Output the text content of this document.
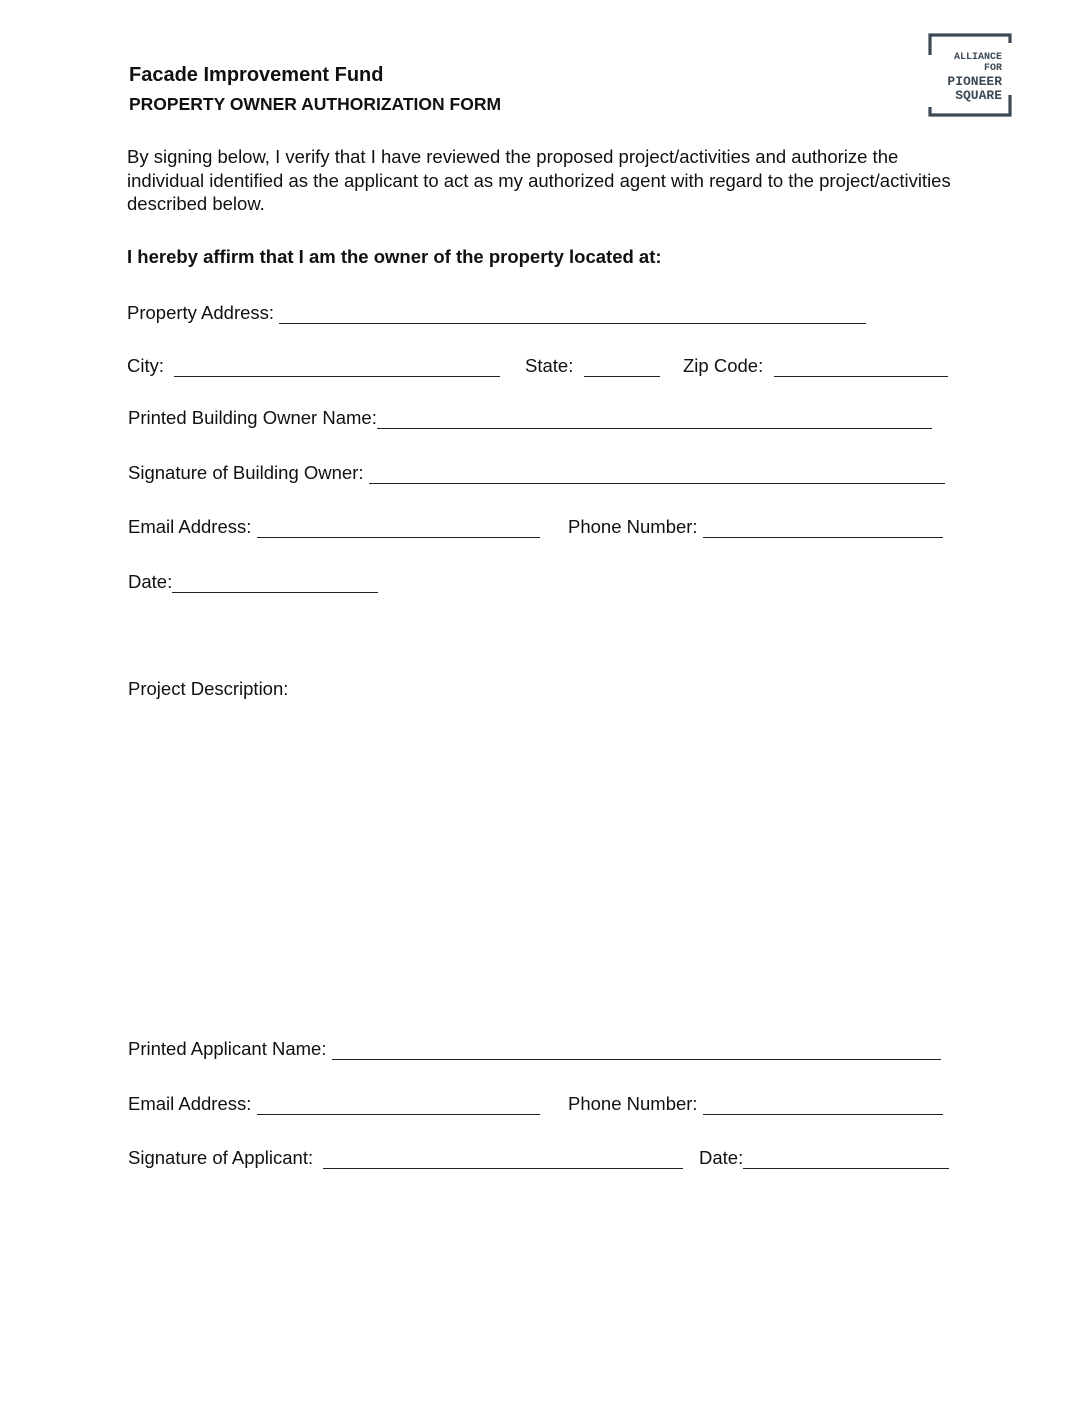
Facade Improvement Fund
PROPERTY OWNER AUTHORIZATION FORM
ALLIANCE
FOR
PIONEER
SQUARE
By signing below, I verify that I have reviewed the proposed project/activities and authorize the individual identified as the applicant to act as my authorized agent with regard to the project/activities described below.
I hereby affirm that I am the owner of the property located at:
Property Address:
City:	State:	Zip Code:
Printed Building Owner Name:
Signature of Building Owner:
Email Address:	Phone Number:
Date:
Project Description:
Printed Applicant Name:
Email Address:	Phone Number:
Signature of Applicant:	Date:
